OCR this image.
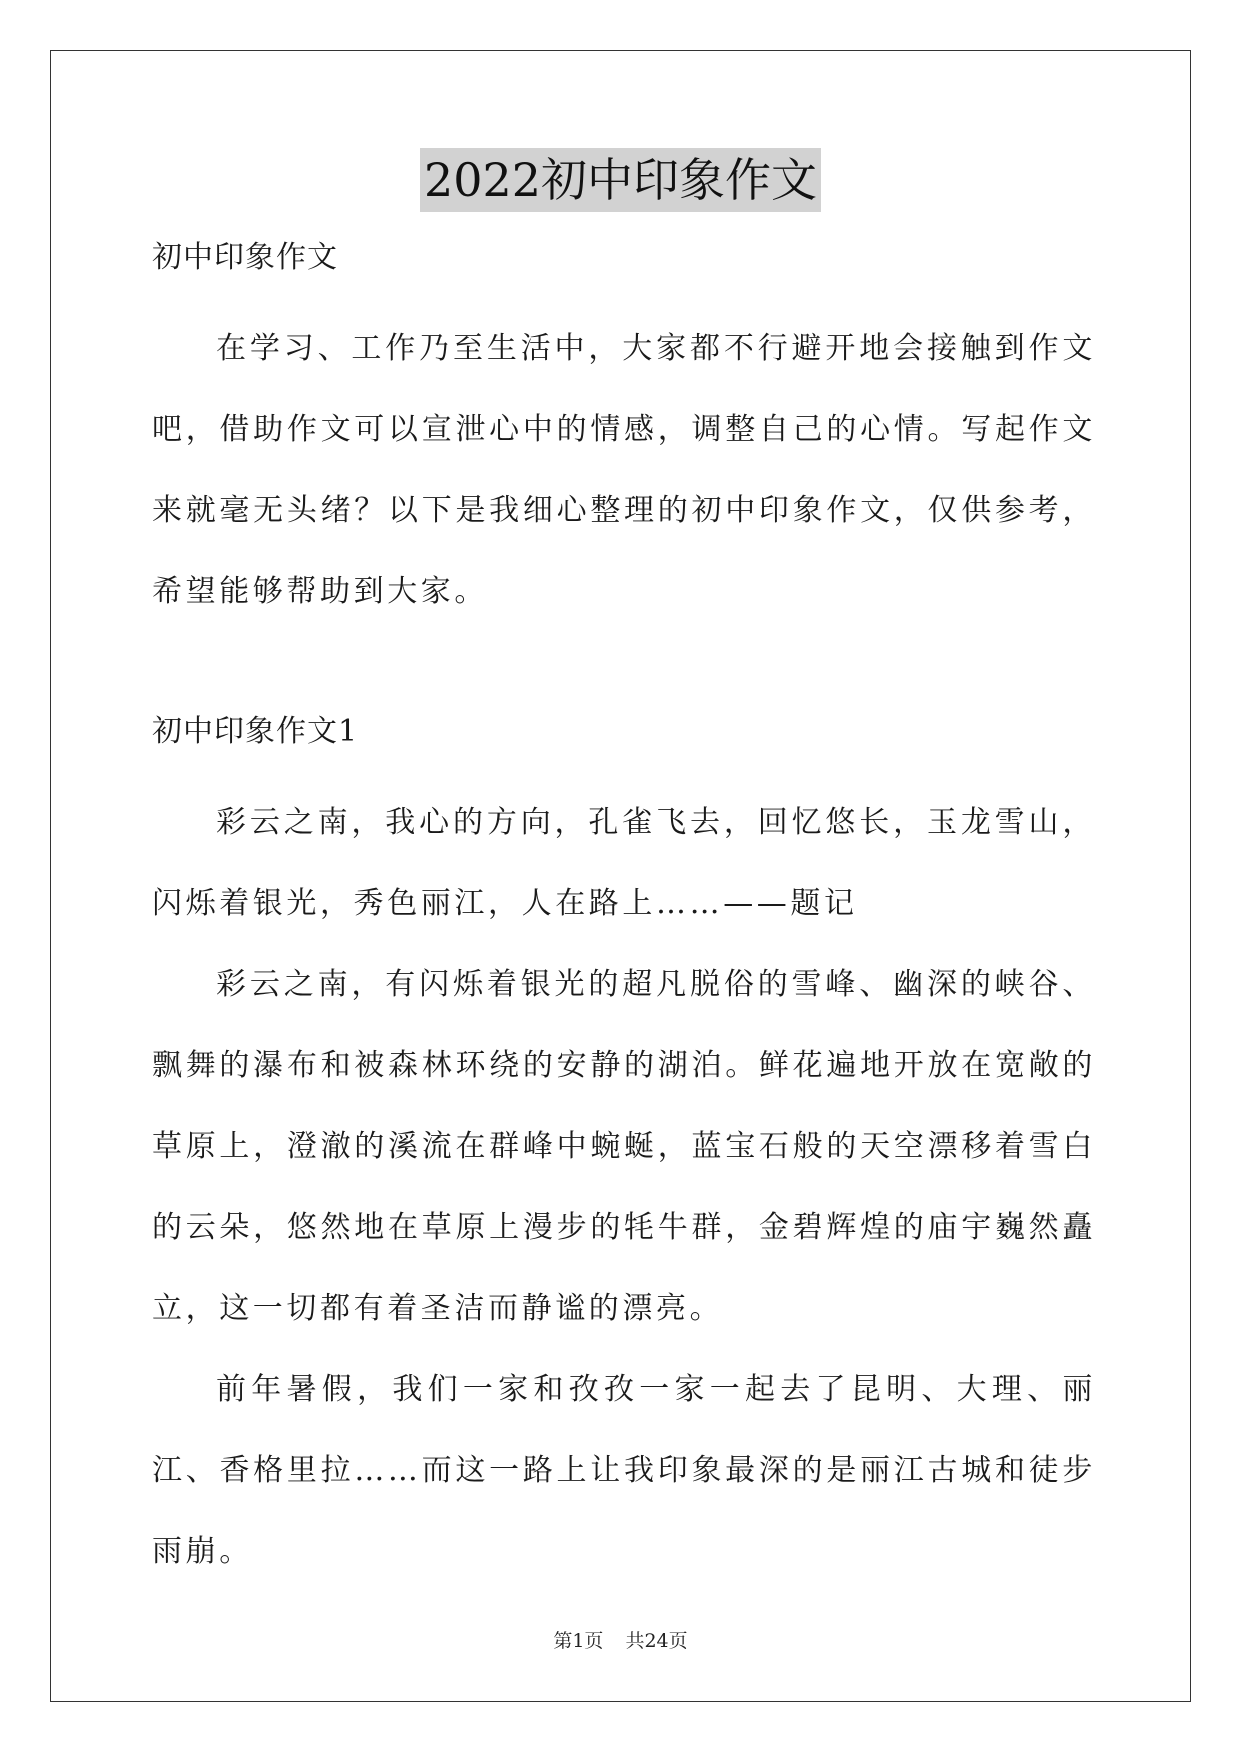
2022初中印象作文
初中印象作文

在学习、工作乃至生活中，大家都不行避开地会接触到作文吧，借助作文可以宣泄心中的情感，调整自己的心情。写起作文来就毫无头绪？以下是我细心整理的初中印象作文，仅供参考，希望能够帮助到大家。

初中印象作文1

彩云之南，我心的方向，孔雀飞去，回忆悠长，玉龙雪山，闪烁着银光，秀色丽江，人在路上……——题记

彩云之南，有闪烁着银光的超凡脱俗的雪峰、幽深的峡谷、飘舞的瀑布和被森林环绕的安静的湖泊。鲜花遍地开放在宽敞的草原上，澄澈的溪流在群峰中蜿蜒，蓝宝石般的天空漂移着雪白的云朵，悠然地在草原上漫步的牦牛群，金碧辉煌的庙宇巍然矗立，这一切都有着圣洁而静谧的漂亮。

前年暑假，我们一家和孜孜一家一起去了昆明、大理、丽江、香格里拉……而这一路上让我印象最深的是丽江古城和徒步雨崩。

第1页 共24页
